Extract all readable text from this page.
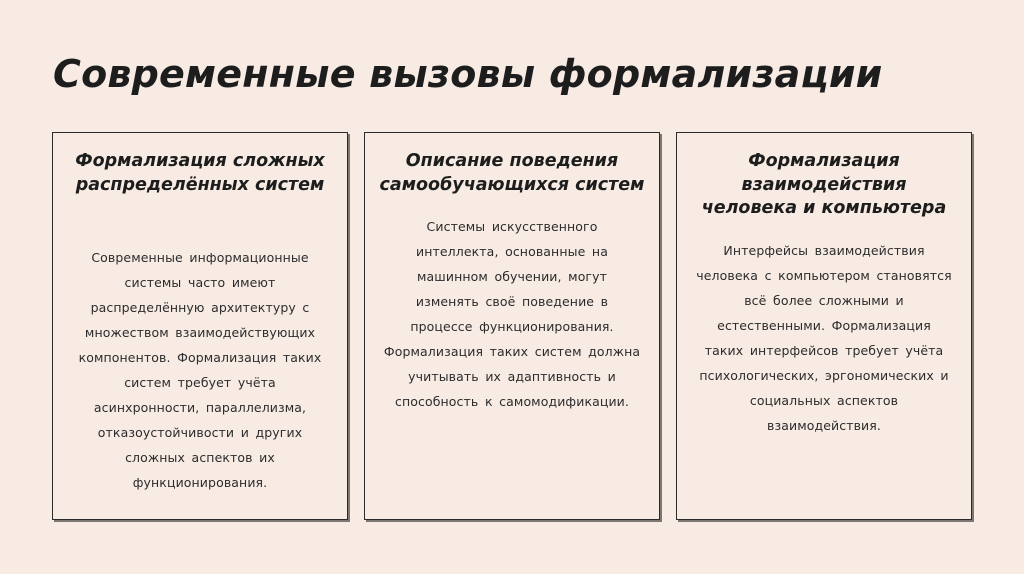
Современные вызовы формализации
Формализация сложных распределённых систем

Современные информационные системы часто имеют распределённую архитектуру с множеством взаимодействующих компонентов. Формализация таких систем требует учёта асинхронности, параллелизма, отказоустойчивости и других сложных аспектов их функционирования.

Описание поведения самообучающихся систем

Системы искусственного интеллекта, основанные на машинном обучении, могут изменять своё поведение в процессе функционирования. Формализация таких систем должна учитывать их адаптивность и способность к самомодификации.

Формализация взаимодействия человека и компьютера

Интерфейсы взаимодействия человека с компьютером становятся всё более сложными и естественными. Формализация таких интерфейсов требует учёта психологических, эргономических и социальных аспектов взаимодействия.
